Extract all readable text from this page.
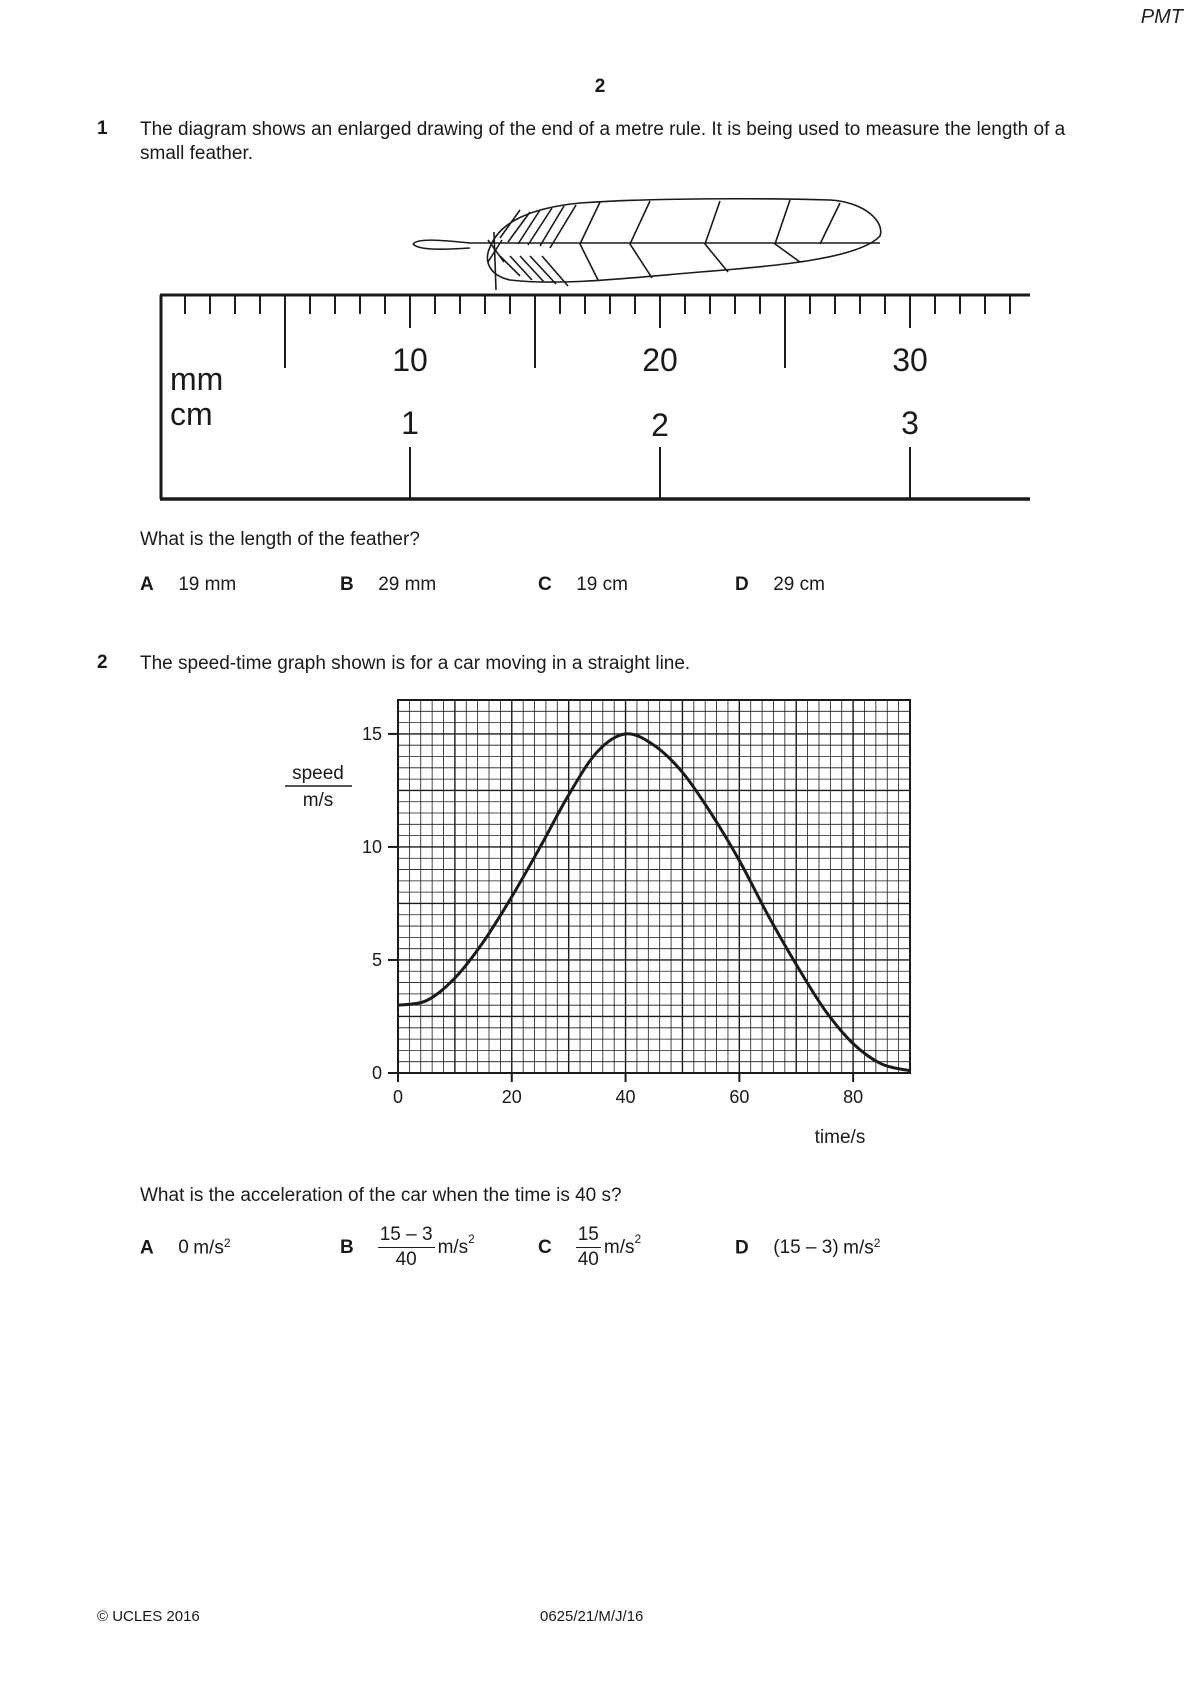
PMT
2
1 The diagram shows an enlarged drawing of the end of a metre rule. It is being used to measure the length of a small feather.
mm
cm
10	20	30
1	2	3
What is the length of the feather?
A 19 mm	B 29 mm	C 19 cm	D 29 cm
2 The speed-time graph shown is for a car moving in a straight line.
0	20	40	60	80
0
5
10
15
speed
m/s
time/s
What is the acceleration of the car when the time is 40 s?
A 0 $m/s^2$	B $\frac{15 - 3}{40} m/s^2$	C $\frac{15}{40} m/s^2$	D (15 – 3) $m/s^2$
© UCLES 2016	0625/21/M/J/16
